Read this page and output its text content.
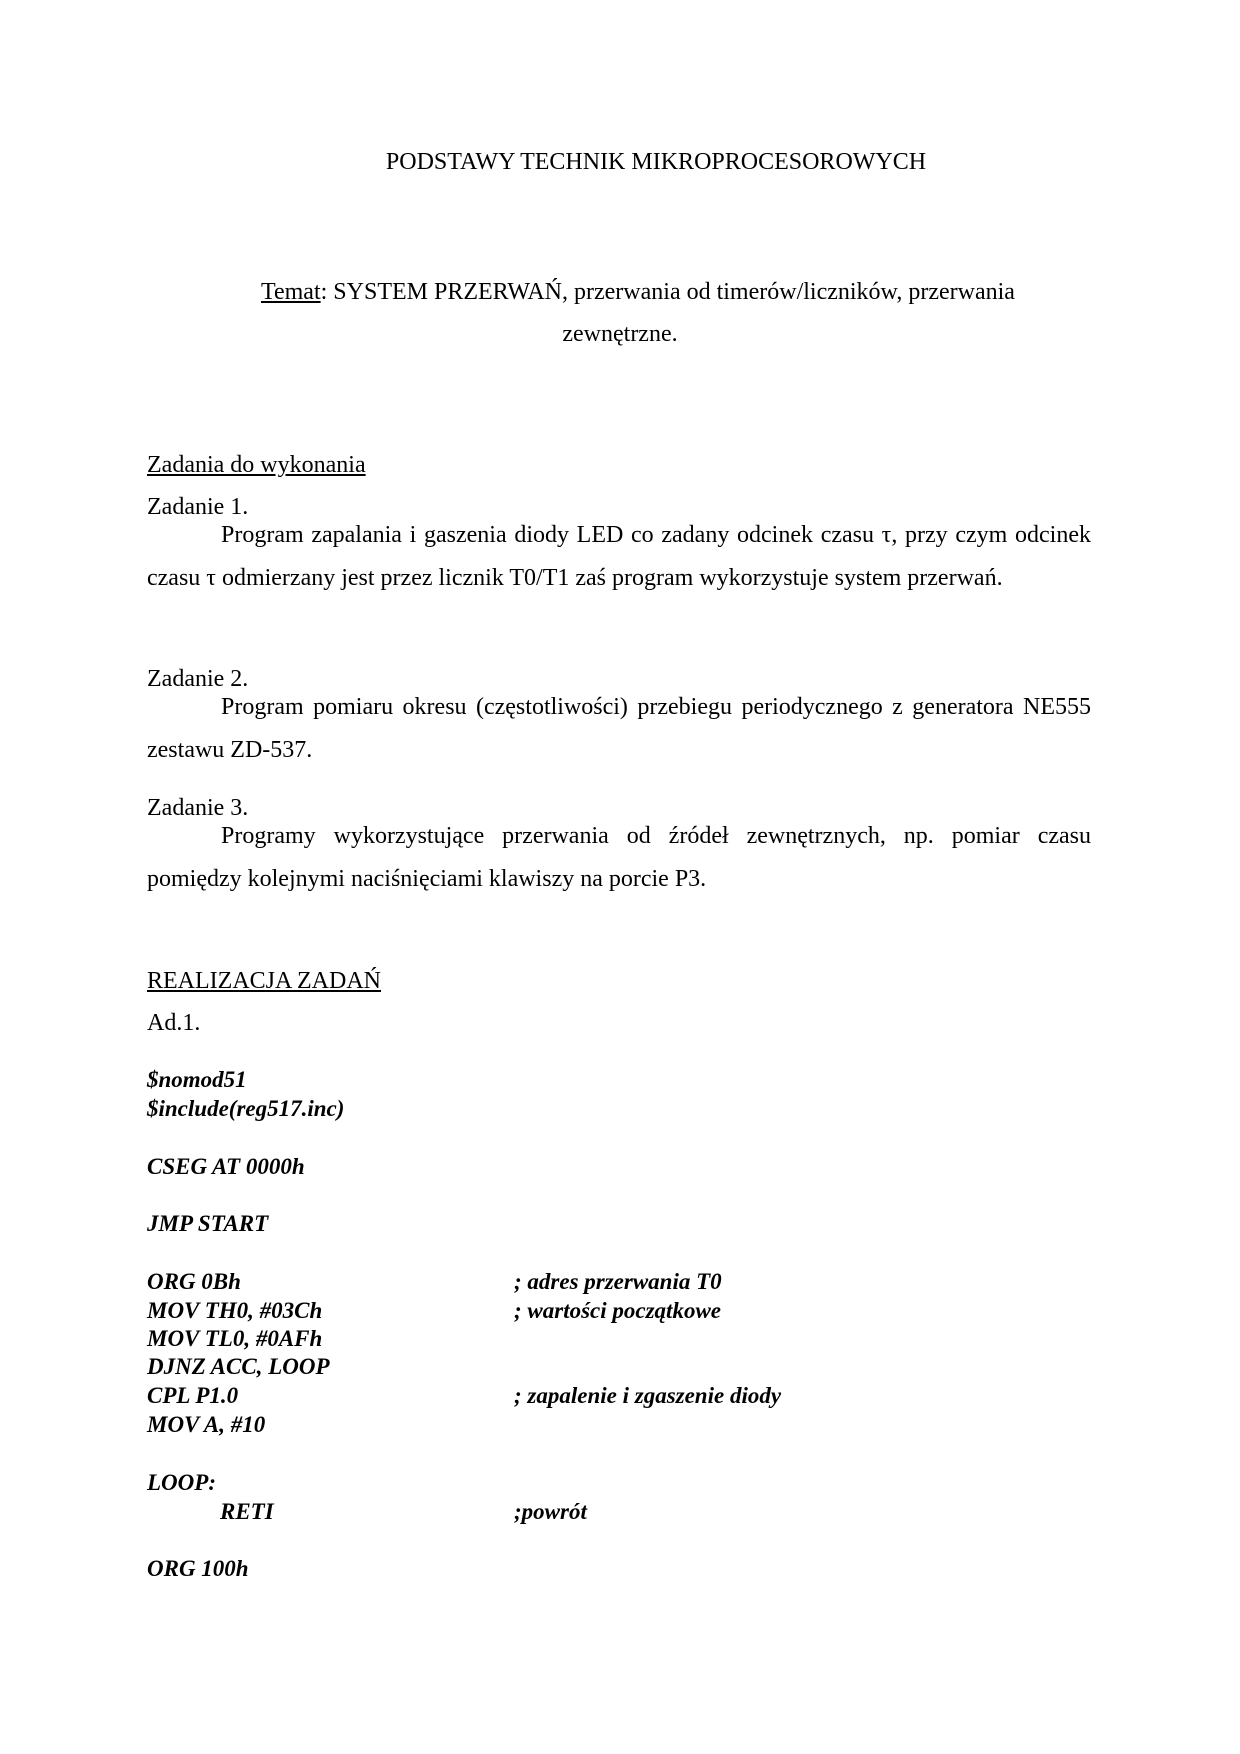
PODSTAWY TECHNIK MIKROPROCESOROWYCH
Temat: SYSTEM PRZERWAŃ, przerwania od timerów/liczników, przerwania
zewnętrzne.
Zadania do wykonania
Zadanie 1.
Program zapalania i gaszenia diody LED co zadany odcinek czasu τ, przy czym odcinek czasu τ odmierzany jest przez licznik T0/T1 zaś program wykorzystuje system przerwań.
Zadanie 2.
Program pomiaru okresu (częstotliwości) przebiegu periodycznego z generatora NE555 zestawu ZD-537.
Zadanie 3.
Programy wykorzystujące przerwania od źródeł zewnętrznych, np. pomiar czasu pomiędzy kolejnymi naciśnięciami klawiszy na porcie P3.
REALIZACJA ZADAŃ
Ad.1.
$nomod51
$include(reg517.inc)
CSEG AT 0000h
JMP START
ORG 0Bh	; adres przerwania T0
MOV TH0, #03Ch	; wartości początkowe
MOV TL0, #0AFh
DJNZ ACC, LOOP
CPL P1.0	; zapalenie i zgaszenie diody
MOV A, #10
LOOP:
RETI	;powrót
ORG 100h
